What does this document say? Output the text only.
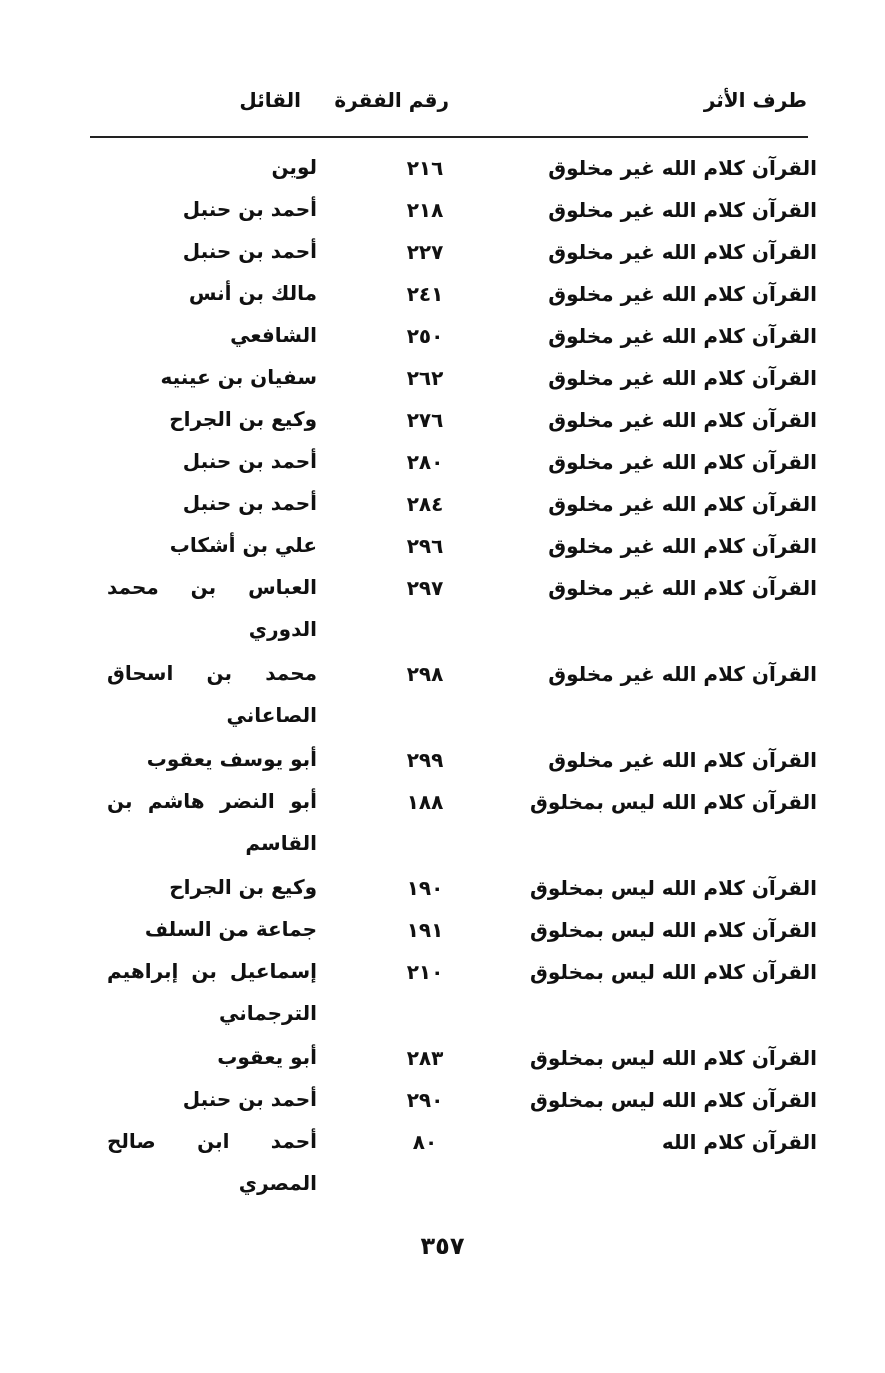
طرف الأثر
رقم الفقرة
القائل
القرآن كلام الله غير مخلوق
٢١٦
لوين
القرآن كلام الله غير مخلوق
٢١٨
أحمد بن حنبل
القرآن كلام الله غير مخلوق
٢٢٧
أحمد بن حنبل
القرآن كلام الله غير مخلوق
٢٤١
مالك بن أنس
القرآن كلام الله غير مخلوق
٢٥٠
الشافعي
القرآن كلام الله غير مخلوق
٢٦٢
سفيان بن عينيه
القرآن كلام الله غير مخلوق
٢٧٦
وكيع بن الجراح
القرآن كلام الله غير مخلوق
٢٨٠
أحمد بن حنبل
القرآن كلام الله غير مخلوق
٢٨٤
أحمد بن حنبل
القرآن كلام الله غير مخلوق
٢٩٦
علي بن أشكاب
القرآن كلام الله غير مخلوق
٢٩٧
العباس بن محمد الدوري
القرآن كلام الله غير مخلوق
٢٩٨
محمد بن اسحاق الصاعاني
القرآن كلام الله غير مخلوق
٢٩٩
أبو يوسف يعقوب
القرآن كلام الله ليس بمخلوق
١٨٨
أبو النضر هاشم بن القاسم
القرآن كلام الله ليس بمخلوق
١٩٠
وكيع بن الجراح
القرآن كلام الله ليس بمخلوق
١٩١
جماعة من السلف
القرآن كلام الله ليس بمخلوق
٢١٠
إسماعيل بن إبراهيم الترجماني
القرآن كلام الله ليس بمخلوق
٢٨٣
أبو يعقوب
القرآن كلام الله ليس بمخلوق
٢٩٠
أحمد بن حنبل
القرآن كلام الله
٨٠
أحمد ابن صالح المصري
٣٥٧
